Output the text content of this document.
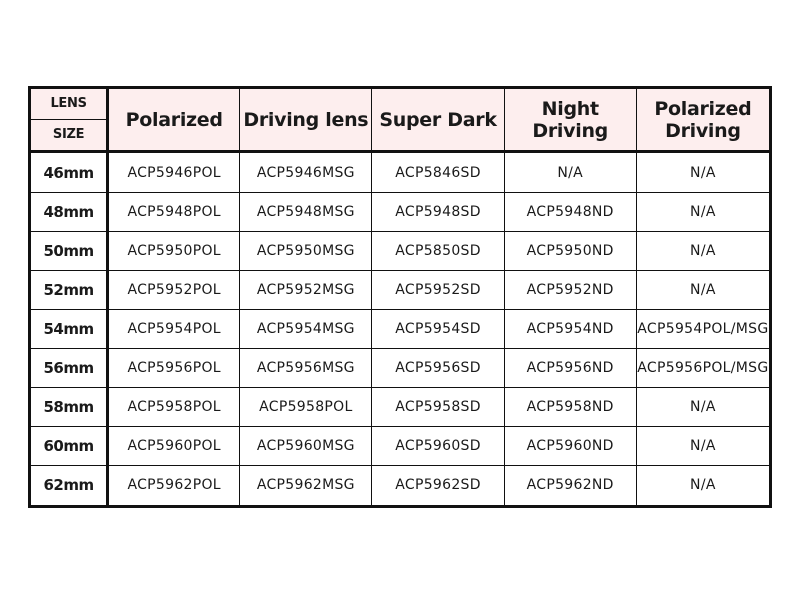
LENS	Polarized	Driving lens	Super Dark	Night Driving	Polarized Driving
SIZE					
46mm	ACP5946POL	ACP5946MSG	ACP5846SD	N/A	N/A
48mm	ACP5948POL	ACP5948MSG	ACP5948SD	ACP5948ND	N/A
50mm	ACP5950POL	ACP5950MSG	ACP5850SD	ACP5950ND	N/A
52mm	ACP5952POL	ACP5952MSG	ACP5952SD	ACP5952ND	N/A
54mm	ACP5954POL	ACP5954MSG	ACP5954SD	ACP5954ND	ACP5954POL/MSG
56mm	ACP5956POL	ACP5956MSG	ACP5956SD	ACP5956ND	ACP5956POL/MSG
58mm	ACP5958POL	ACP5958POL	ACP5958SD	ACP5958ND	N/A
60mm	ACP5960POL	ACP5960MSG	ACP5960SD	ACP5960ND	N/A
62mm	ACP5962POL	ACP5962MSG	ACP5962SD	ACP5962ND	N/A
